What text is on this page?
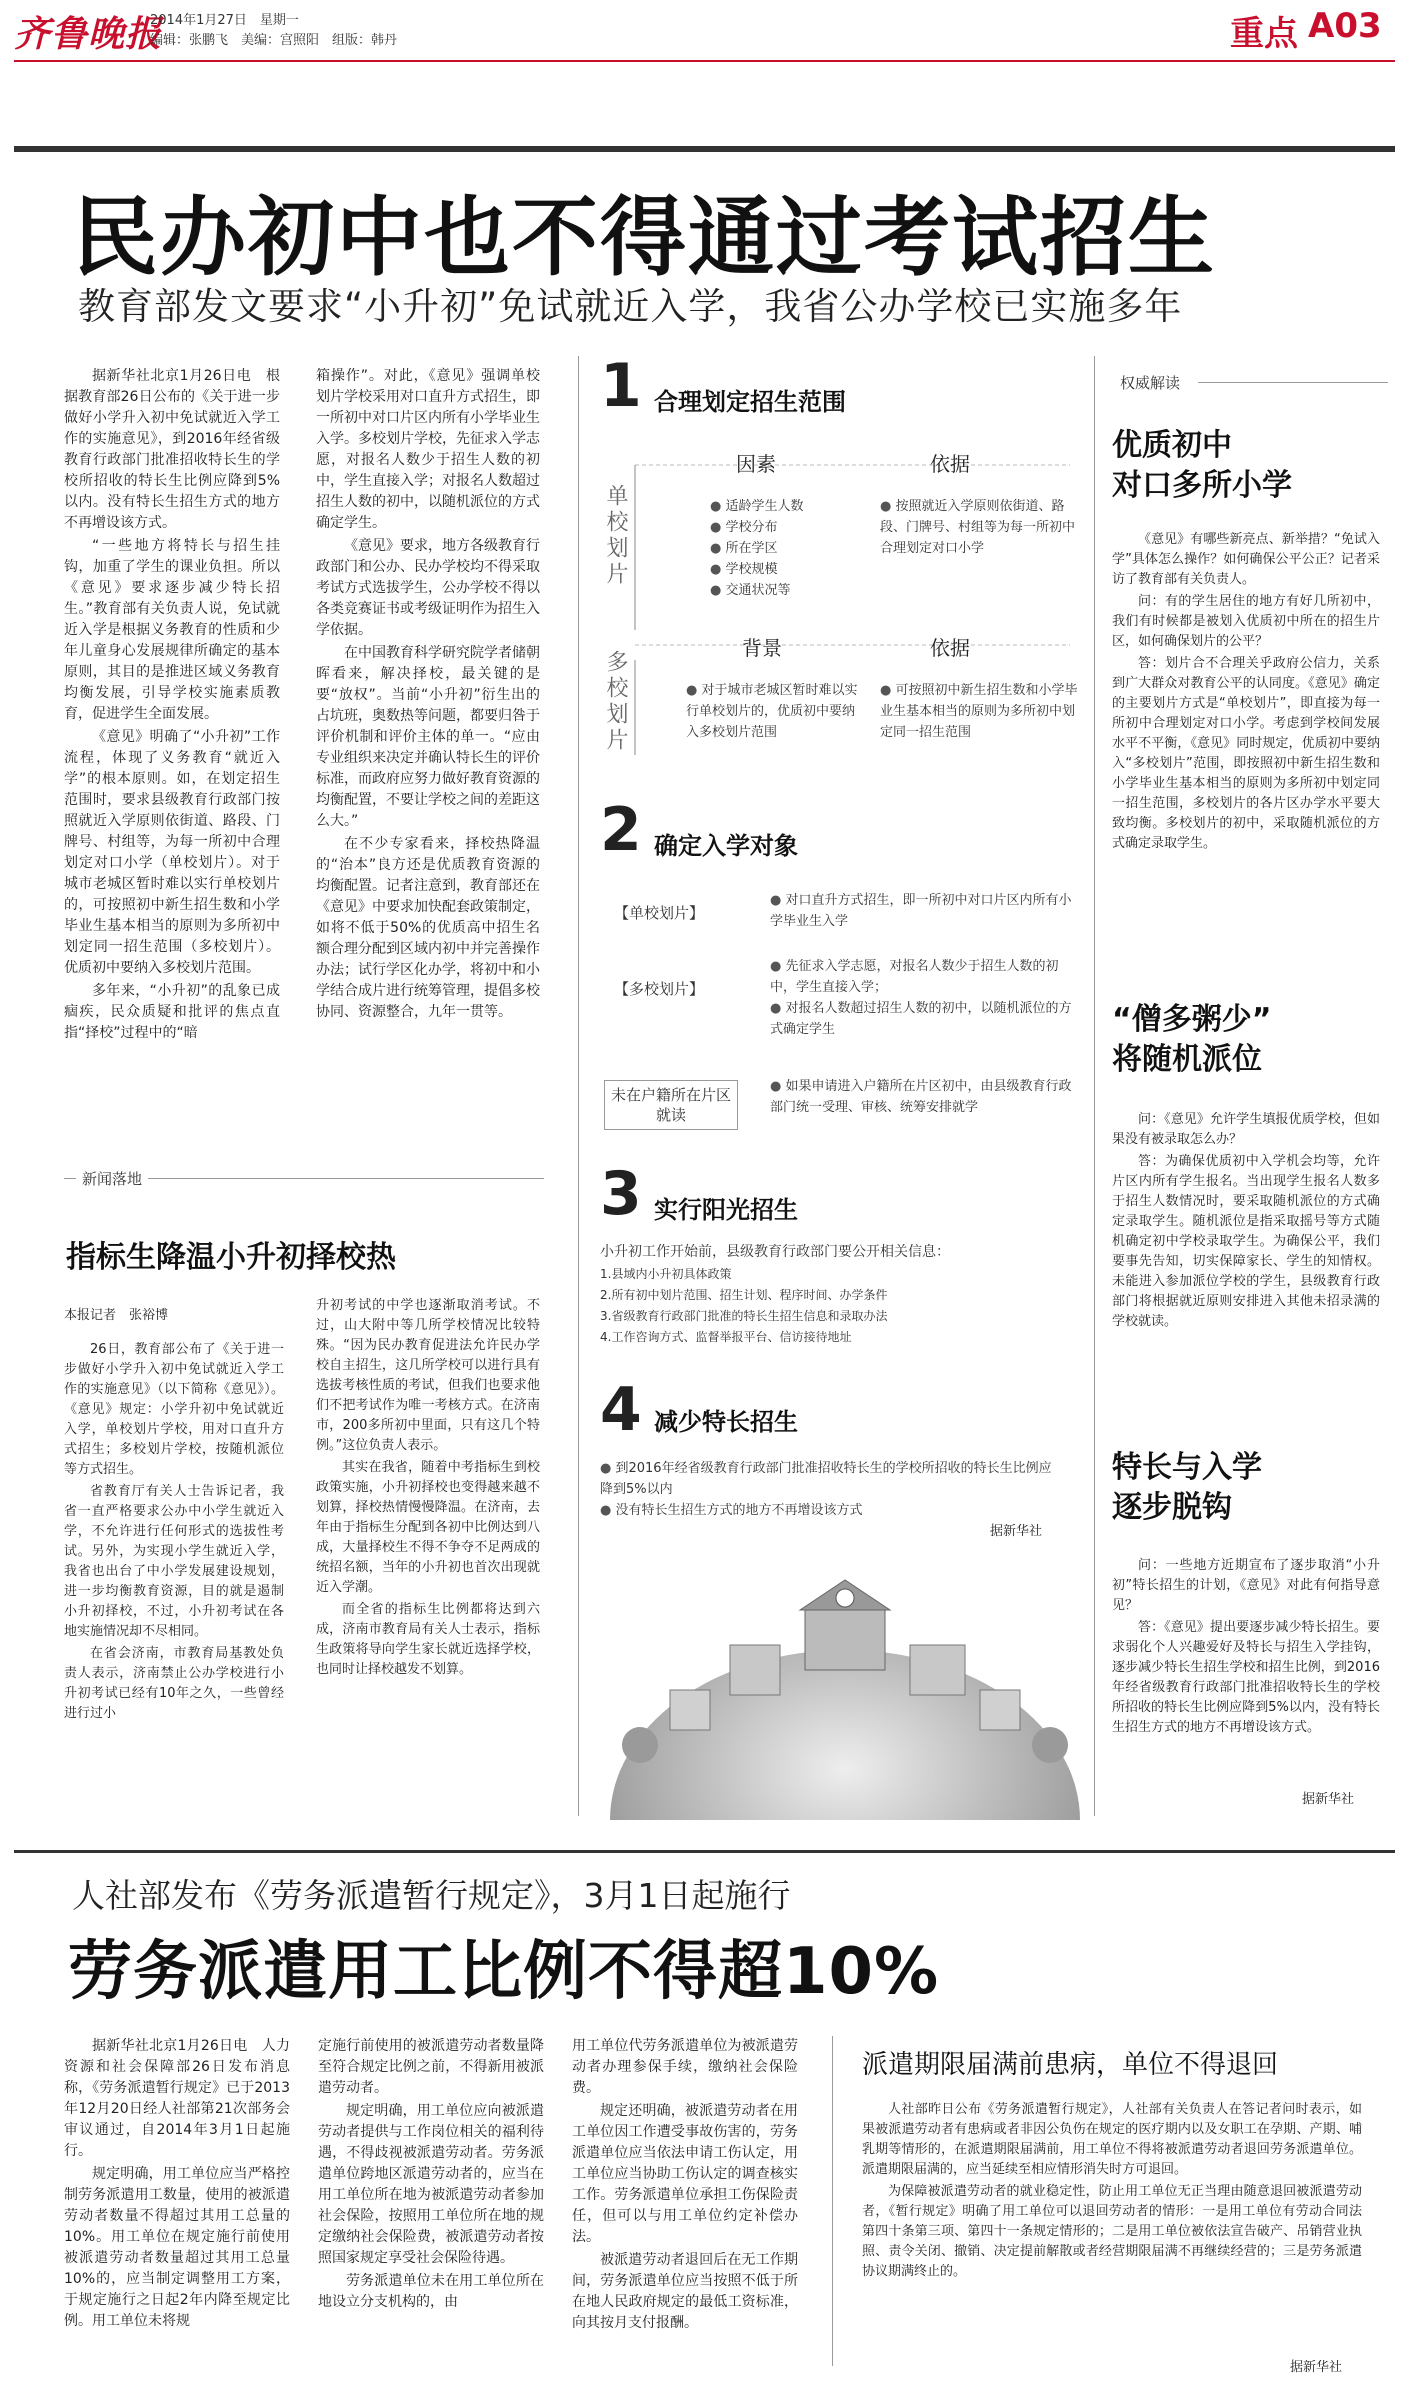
齐鲁晚报
2014年1月27日　星期一
编辑：张鹏飞　美编：宫照阳　组版：韩丹	重点 A03
民办初中也不得通过考试招生
教育部发文要求“小升初”免试就近入学，我省公办学校已实施多年

据新华社北京1月26日电　根据教育部26日公布的《关于进一步做好小学升入初中免试就近入学工作的实施意见》，到2016年经省级教育行政部门批准招收特长生的学校所招收的特长生比例应降到5%以内。没有特长生招生方式的地方不再增设该方式。

“一些地方将特长与招生挂钩，加重了学生的课业负担。所以《意见》要求逐步减少特长招生。”教育部有关负责人说，免试就近入学是根据义务教育的性质和少年儿童身心发展规律所确定的基本原则，其目的是推进区域义务教育均衡发展，引导学校实施素质教育，促进学生全面发展。

《意见》明确了“小升初”工作流程，体现了义务教育“就近入学”的根本原则。如，在划定招生范围时，要求县级教育行政部门按照就近入学原则依街道、路段、门牌号、村组等，为每一所初中合理划定对口小学（单校划片）。对于城市老城区暂时难以实行单校划片的，可按照初中新生招生数和小学毕业生基本相当的原则为多所初中划定同一招生范围（多校划片）。优质初中要纳入多校划片范围。

多年来，“小升初”的乱象已成痼疾，民众质疑和批评的焦点直指“择校”过程中的“暗

箱操作”。对此，《意见》强调单校划片学校采用对口直升方式招生，即一所初中对口片区内所有小学毕业生入学。多校划片学校，先征求入学志愿，对报名人数少于招生人数的初中，学生直接入学；对报名人数超过招生人数的初中，以随机派位的方式确定学生。

《意见》要求，地方各级教育行政部门和公办、民办学校均不得采取考试方式选拔学生，公办学校不得以各类竞赛证书或考级证明作为招生入学依据。

在中国教育科学研究院学者储朝晖看来，解决择校，最关键的是要“放权”。当前“小升初”衍生出的占坑班，奥数热等问题，都要归咎于评价机制和评价主体的单一。“应由专业组织来决定并确认特长生的评价标准，而政府应努力做好教育资源的均衡配置，不要让学校之间的差距这么大。”

在不少专家看来，择校热降温的“治本”良方还是优质教育资源的均衡配置。记者注意到，教育部还在《意见》中要求加快配套政策制定，如将不低于50%的优质高中招生名额合理分配到区域内初中并完善操作办法；试行学区化办学，将初中和小学结合成片进行统筹管理，提倡多校协同、资源整合，九年一贯等。

新闻落地
指标生降温小升初择校热
本报记者　张裕博

26日，教育部公布了《关于进一步做好小学升入初中免试就近入学工作的实施意见》（以下简称《意见》）。《意见》规定：小学升初中免试就近入学，单校划片学校，用对口直升方式招生；多校划片学校，按随机派位等方式招生。

省教育厅有关人士告诉记者，我省一直严格要求公办中小学生就近入学，不允许进行任何形式的选拔性考试。另外，为实现小学生就近入学，我省也出台了中小学发展建设规划，进一步均衡教育资源，目的就是遏制小升初择校，不过，小升初考试在各地实施情况却不尽相同。

在省会济南，市教育局基教处负责人表示，济南禁止公办学校进行小升初考试已经有10年之久，一些曾经进行过小

升初考试的中学也逐渐取消考试。不过，山大附中等几所学校情况比较特殊。“因为民办教育促进法允许民办学校自主招生，这几所学校可以进行具有选拔考核性质的考试，但我们也要求他们不把考试作为唯一考核方式。在济南市，200多所初中里面，只有这几个特例。”这位负责人表示。

其实在我省，随着中考指标生到校政策实施，小升初择校也变得越来越不划算，择校热情慢慢降温。在济南，去年由于指标生分配到各初中比例达到八成，大量择校生不得不争夺不足两成的统招名额，当年的小升初也首次出现就近入学潮。

而全省的指标生比例都将达到六成，济南市教育局有关人士表示，指标生政策将导向学生家长就近选择学校，也同时让择校越发不划算。

1 合理划定招生范围
单校划片
多校划片
因素	依据
● 适龄学生人数
● 学校分布
● 所在学区
● 学校规模
● 交通状况等
● 按照就近入学原则依街道、路段、门牌号、村组等为每一所初中合理划定对口小学
背景	依据
● 对于城市老城区暂时难以实行单校划片的，优质初中要纳入多校划片范围
● 可按照初中新生招生数和小学毕业生基本相当的原则为多所初中划定同一招生范围
2 确定入学对象
【单校划片】
● 对口直升方式招生，即一所初中对口片区内所有小学毕业生入学
【多校划片】
● 先征求入学志愿，对报名人数少于招生人数的初中，学生直接入学；
● 对报名人数超过招生人数的初中，以随机派位的方式确定学生
未在户籍所在片区就读
● 如果申请进入户籍所在片区初中，由县级教育行政部门统一受理、审核、统筹安排就学
3 实行阳光招生
小升初工作开始前，县级教育行政部门要公开相关信息：
1.县域内小升初具体政策
2.所有初中划片范围、招生计划、程序时间、办学条件
3.省级教育行政部门批准的特长生招生信息和录取办法
4.工作咨询方式、监督举报平台、信访接待地址
4 减少特长招生
● 到2016年经省级教育行政部门批准招收特长生的学校所招收的特长生比例应降到5%以内
● 没有特长生招生方式的地方不再增设该方式
据新华社
权威解读
优质初中
对口多所小学

《意见》有哪些新亮点、新举措？“免试入学”具体怎么操作？如何确保公平公正？记者采访了教育部有关负责人。

问：有的学生居住的地方有好几所初中，我们有时候都是被划入优质初中所在的招生片区，如何确保划片的公平？

答：划片合不合理关乎政府公信力，关系到广大群众对教育公平的认同度。《意见》确定的主要划片方式是“单校划片”，即直接为每一所初中合理划定对口小学。考虑到学校间发展水平不平衡，《意见》同时规定，优质初中要纳入“多校划片”范围，即按照初中新生招生数和小学毕业生基本相当的原则为多所初中划定同一招生范围，多校划片的各片区办学水平要大致均衡。多校划片的初中，采取随机派位的方式确定录取学生。

“僧多粥少”
将随机派位

问：《意见》允许学生填报优质学校，但如果没有被录取怎么办？

答：为确保优质初中入学机会均等，允许片区内所有学生报名。当出现学生报名人数多于招生人数情况时，要采取随机派位的方式确定录取学生。随机派位是指采取摇号等方式随机确定初中学校录取学生。为确保公平，我们要事先告知，切实保障家长、学生的知情权。未能进入参加派位学校的学生，县级教育行政部门将根据就近原则安排进入其他未招录满的学校就读。

特长与入学
逐步脱钩

问：一些地方近期宣布了逐步取消“小升初”特长招生的计划，《意见》对此有何指导意见？

答：《意见》提出要逐步减少特长招生。要求弱化个人兴趣爱好及特长与招生入学挂钩，逐步减少特长生招生学校和招生比例，到2016年经省级教育行政部门批准招收特长生的学校所招收的特长生比例应降到5%以内，没有特长生招生方式的地方不再增设该方式。

据新华社
人社部发布《劳务派遣暂行规定》，3月1日起施行
劳务派遣用工比例不得超10%

据新华社北京1月26日电　人力资源和社会保障部26日发布消息称，《劳务派遣暂行规定》已于2013年12月20日经人社部第21次部务会审议通过，自2014年3月1日起施行。

规定明确，用工单位应当严格控制劳务派遣用工数量，使用的被派遣劳动者数量不得超过其用工总量的10%。用工单位在规定施行前使用被派遣劳动者数量超过其用工总量10%的，应当制定调整用工方案，于规定施行之日起2年内降至规定比例。用工单位未将规

定施行前使用的被派遣劳动者数量降至符合规定比例之前，不得新用被派遣劳动者。

规定明确，用工单位应向被派遣劳动者提供与工作岗位相关的福利待遇，不得歧视被派遣劳动者。劳务派遣单位跨地区派遣劳动者的，应当在用工单位所在地为被派遣劳动者参加社会保险，按照用工单位所在地的规定缴纳社会保险费，被派遣劳动者按照国家规定享受社会保险待遇。

劳务派遣单位未在用工单位所在地设立分支机构的，由

用工单位代劳务派遣单位为被派遣劳动者办理参保手续，缴纳社会保险费。

规定还明确，被派遣劳动者在用工单位因工作遭受事故伤害的，劳务派遣单位应当依法申请工伤认定，用工单位应当协助工伤认定的调查核实工作。劳务派遣单位承担工伤保险责任，但可以与用工单位约定补偿办法。

被派遣劳动者退回后在无工作期间，劳务派遣单位应当按照不低于所在地人民政府规定的最低工资标准，向其按月支付报酬。

派遣期限届满前患病，单位不得退回

人社部昨日公布《劳务派遣暂行规定》，人社部有关负责人在答记者问时表示，如果被派遣劳动者有患病或者非因公负伤在规定的医疗期内以及女职工在孕期、产期、哺乳期等情形的，在派遣期限届满前，用工单位不得将被派遣劳动者退回劳务派遣单位。派遣期限届满的，应当延续至相应情形消失时方可退回。

为保障被派遣劳动者的就业稳定性，防止用工单位无正当理由随意退回被派遣劳动者，《暂行规定》明确了用工单位可以退回劳动者的情形：一是用工单位有劳动合同法第四十条第三项、第四十一条规定情形的；二是用工单位被依法宣告破产、吊销营业执照、责令关闭、撤销、决定提前解散或者经营期限届满不再继续经营的；三是劳务派遣协议期满终止的。

据新华社
